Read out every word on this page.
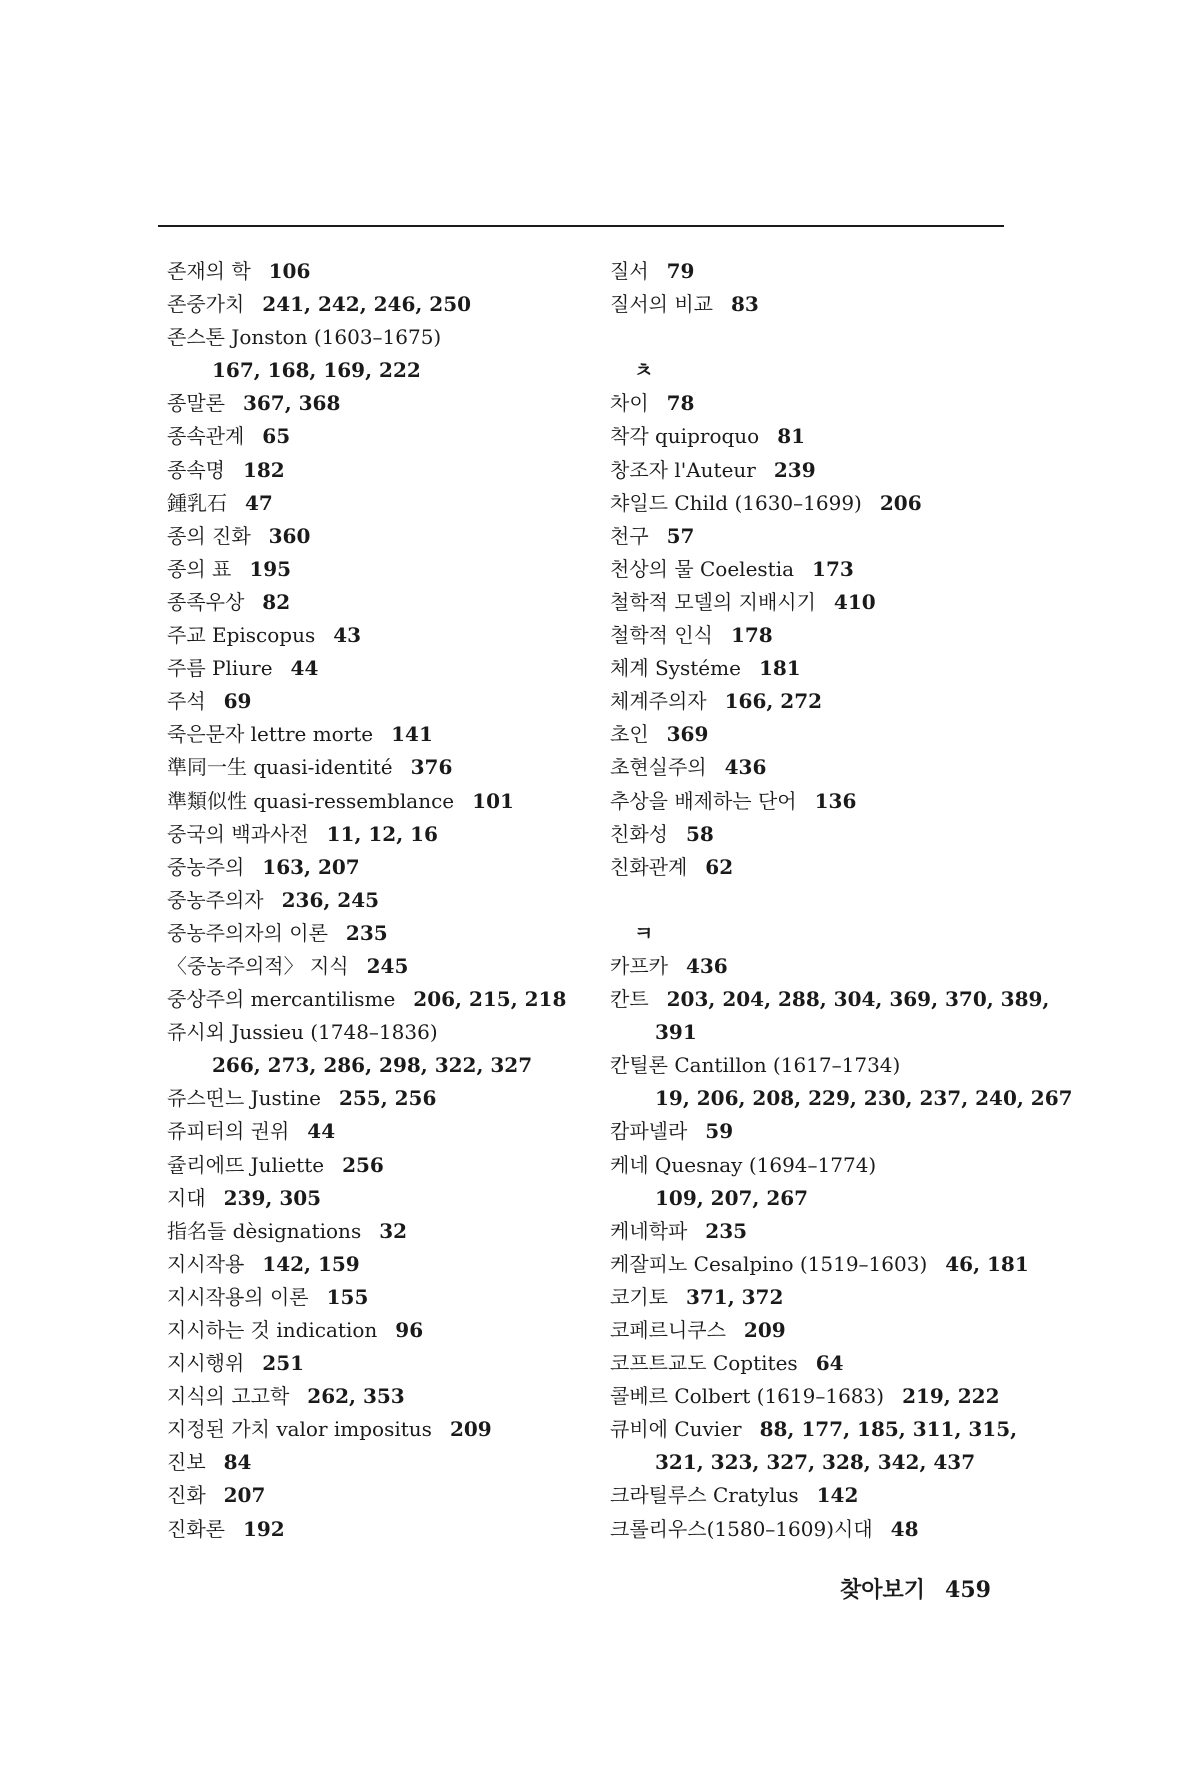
존재의 학 106
존중가치 241, 242, 246, 250
존스톤 Jonston (1603–1675)
167, 168, 169, 222
종말론 367, 368
종속관계 65
종속명 182
鍾乳石 47
종의 진화 360
종의 표 195
종족우상 82
주교 Episcopus 43
주름 Pliure 44
주석 69
죽은문자 lettre morte 141
準同一生 quasi-identité 376
準類似性 quasi-ressemblance 101
중국의 백과사전 11, 12, 16
중농주의 163, 207
중농주의자 236, 245
중농주의자의 이론 235
〈중농주의적〉 지식 245
중상주의 mercantilisme 206, 215, 218
쥬시외 Jussieu (1748–1836)
266, 273, 286, 298, 322, 327
쥬스띤느 Justine 255, 256
쥬피터의 권위 44
쥴리에뜨 Juliette 256
지대 239, 305
指名들 dèsignations 32
지시작용 142, 159
지시작용의 이론 155
지시하는 것 indication 96
지시행위 251
지식의 고고학 262, 353
지정된 가치 valor impositus 209
진보 84
진화 207
진화론 192
질서 79
질서의 비교 83
ㅊ
차이 78
착각 quiproquo 81
창조자 l'Auteur 239
챠일드 Child (1630–1699) 206
천구 57
천상의 물 Coelestia 173
철학적 모델의 지배시기 410
철학적 인식 178
체계 Systéme 181
체계주의자 166, 272
초인 369
초현실주의 436
추상을 배제하는 단어 136
친화성 58
친화관계 62
ㅋ
카프카 436
칸트 203, 204, 288, 304, 369, 370, 389,
391
칸틸론 Cantillon (1617–1734)
19, 206, 208, 229, 230, 237, 240, 267
캄파넬라 59
케네 Quesnay (1694–1774)
109, 207, 267
케네학파 235
케잘피노 Cesalpino (1519–1603) 46, 181
코기토 371, 372
코페르니쿠스 209
코프트교도 Coptites 64
콜베르 Colbert (1619–1683) 219, 222
큐비에 Cuvier 88, 177, 185, 311, 315,
321, 323, 327, 328, 342, 437
크라틸루스 Cratylus 142
크롤리우스(1580–1609)시대 48
찾아보기 459
